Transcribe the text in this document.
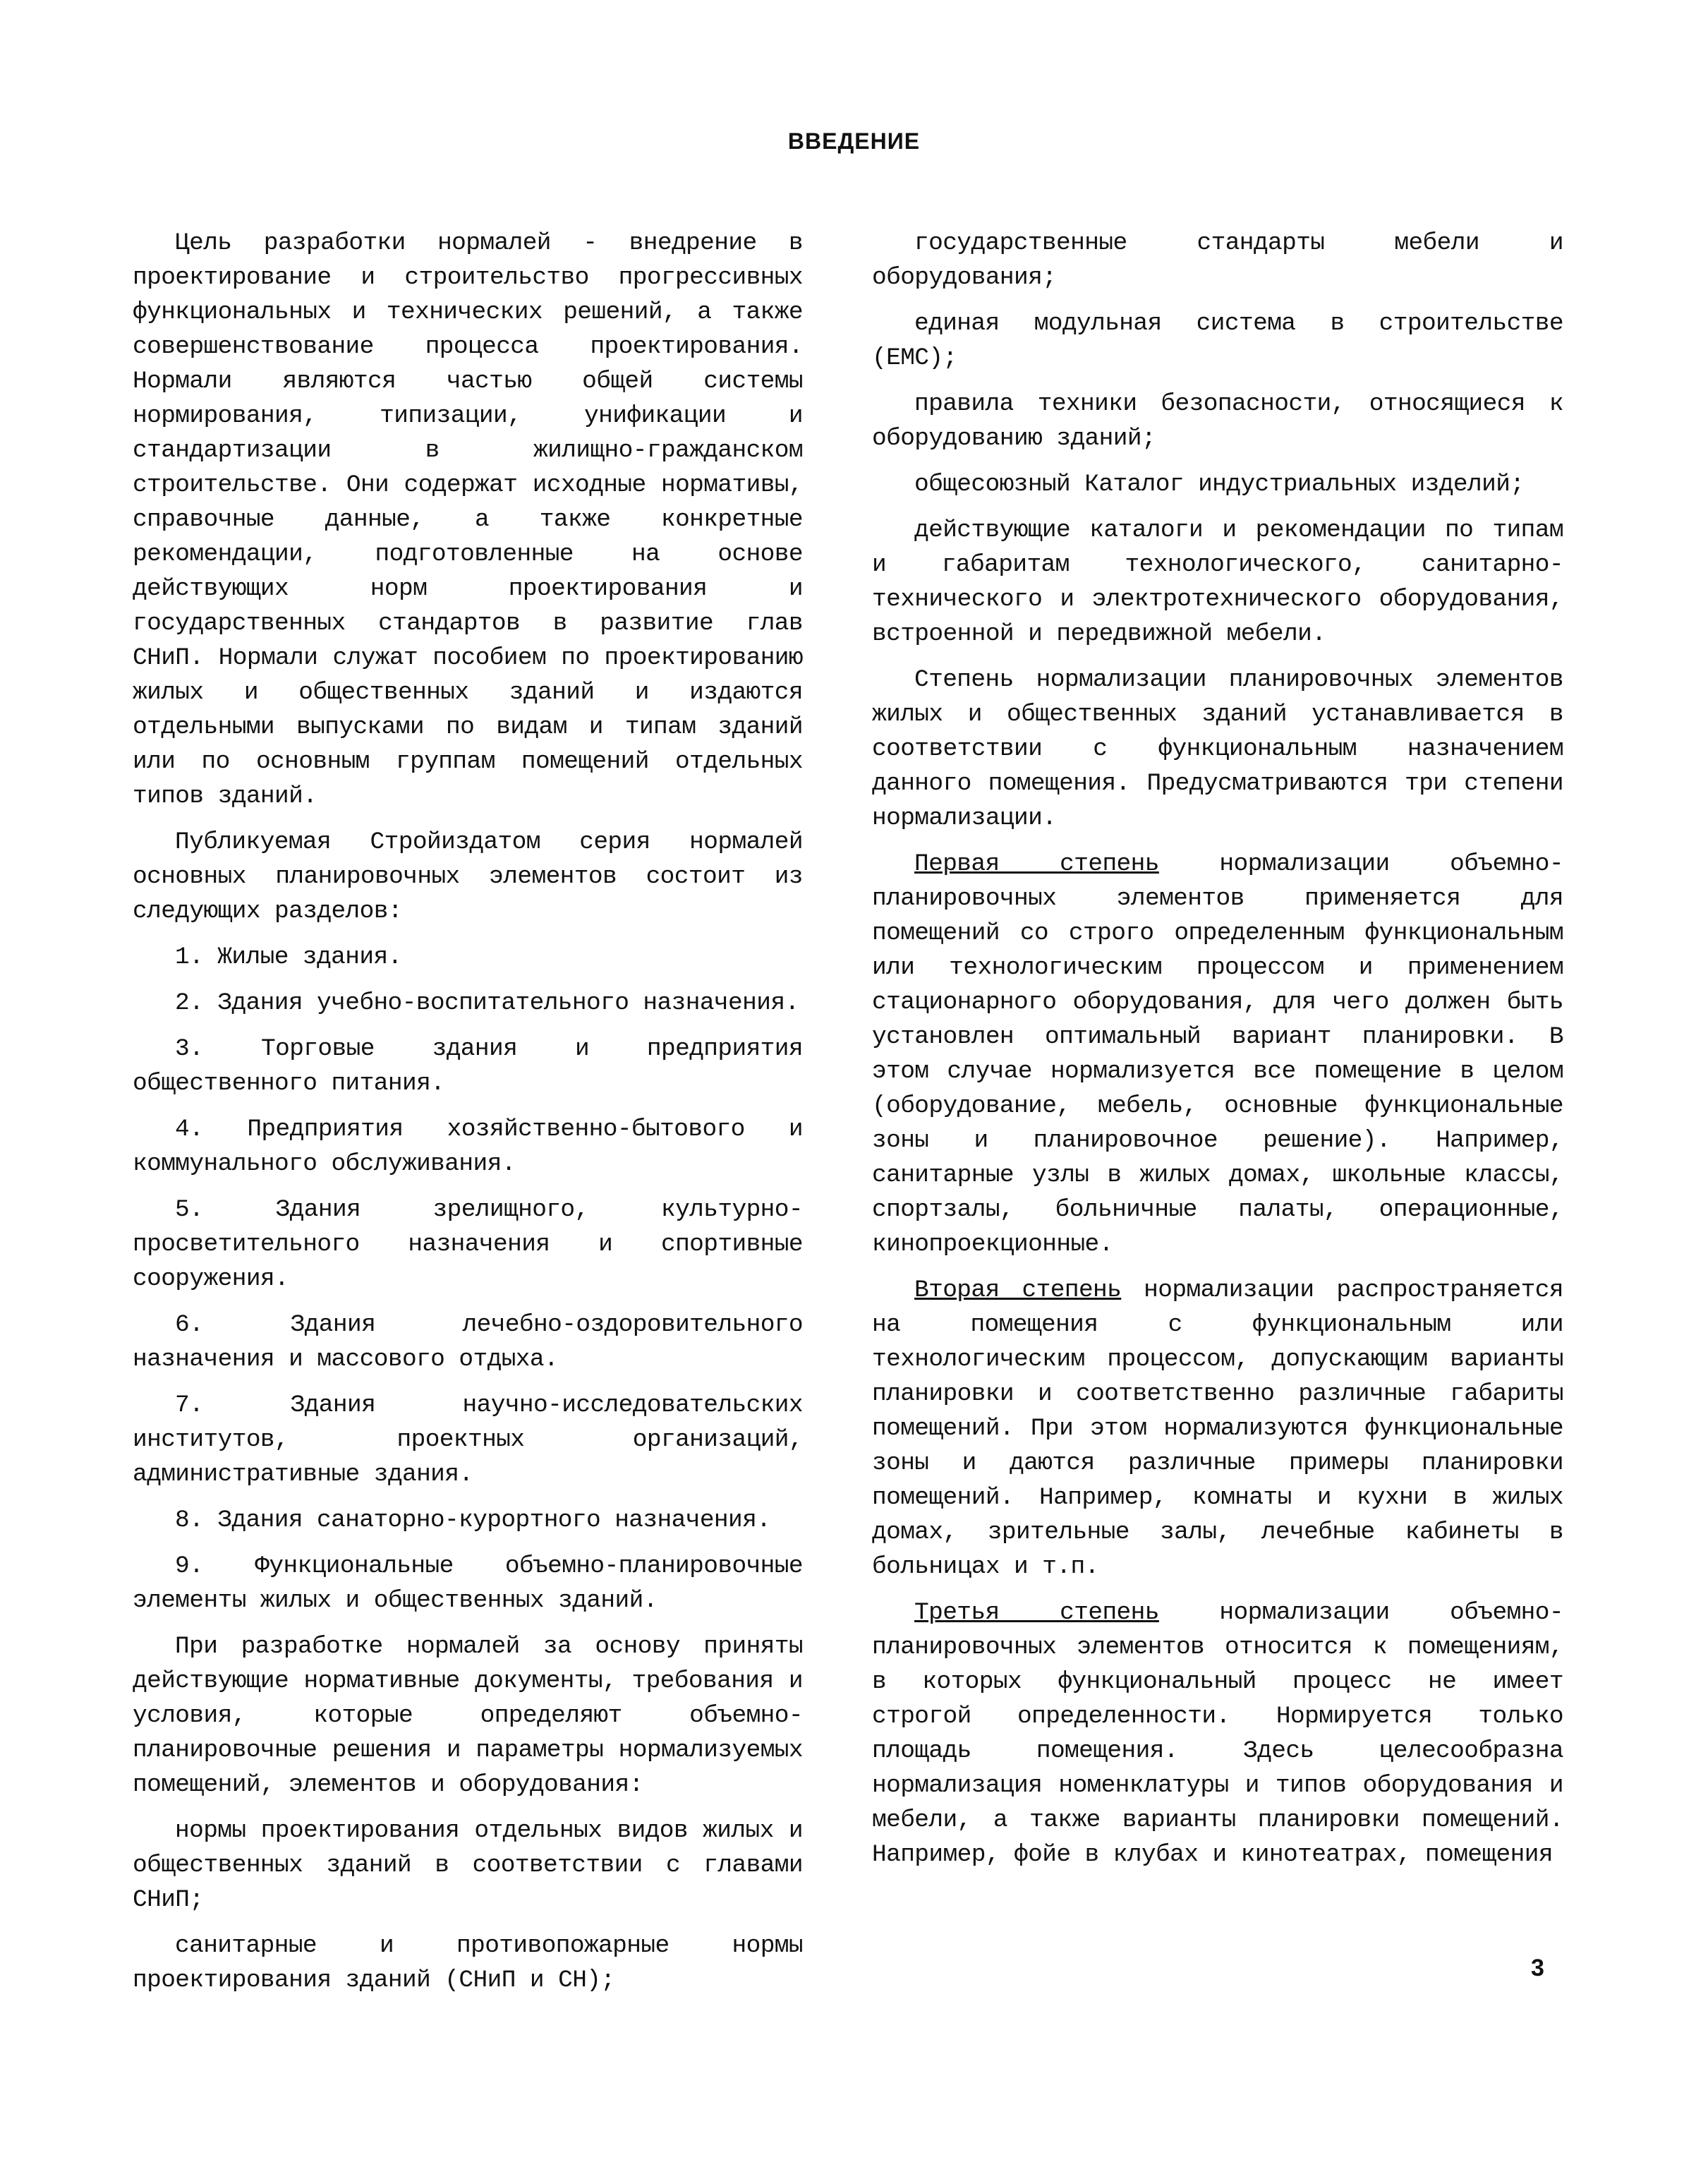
ВВЕДЕНИЕ

Цель разработки нормалей - внедрение в проектирование и строительство прогрессивных функциональных и технических решений, а также совершенствование процесса проектирования. Нормали являются частью общей системы нормирования, типизации, унификации и стандартизации в жилищно-гражданском строительстве. Они содержат исходные нормативы, справочные данные, а также конкретные рекомендации, подготовленные на основе действующих норм проектирования и государственных стандартов в развитие глав СНиП. Нормали служат пособием по проектированию жилых и общественных зданий и издаются отдельными выпусками по видам и типам зданий или по основным группам помещений отдельных типов зданий.

Публикуемая Стройиздатом серия нормалей основных планировочных элементов состоит из следующих разделов:

1. Жилые здания.

2. Здания учебно-воспитательного назначения.

3. Торговые здания и предприятия общественного питания.

4. Предприятия хозяйственно-бытового и коммунального обслуживания.

5. Здания зрелищного, культурно-просветительного назначения и спортивные сооружения.

6. Здания лечебно-оздоровительного назначения и массового отдыха.

7. Здания научно-исследовательских институтов, проектных организаций, административные здания.

8. Здания санаторно-курортного назначения.

9. Функциональные объемно-планировочные элементы жилых и общественных зданий.

При разработке нормалей за основу приняты действующие нормативные документы, требования и условия, которые определяют объемно-планировочные решения и параметры нормализуемых помещений, элементов и оборудования:

нормы проектирования отдельных видов жилых и общественных зданий в соответствии с главами СНиП;

санитарные и противопожарные нормы проектирования зданий (СНиП и СН);

государственные стандарты мебели и оборудования;

единая модульная система в строительстве (ЕМС);

правила техники безопасности, относящиеся к оборудованию зданий;

общесоюзный Каталог индустриальных изделий;

действующие каталоги и рекомендации по типам и габаритам технологического, санитарно-технического и электротехнического оборудования, встроенной и передвижной мебели.

Степень нормализации планировочных элементов жилых и общественных зданий устанавливается в соответствии с функциональным назначением данного помещения. Предусматриваются три степени нормализации.

Первая степень нормализации объемно-планировочных элементов применяется для помещений со строго определенным функциональным или технологическим процессом и применением стационарного оборудования, для чего должен быть установлен оптимальный вариант планировки. В этом случае нормализуется все помещение в целом (оборудование, мебель, основные функциональные зоны и планировочное решение). Например, санитарные узлы в жилых домах, школьные классы, спортзалы, больничные палаты, операционные, кинопроекционные.

Вторая степень нормализации распространяется на помещения с функциональным или технологическим процессом, допускающим варианты планировки и соответственно различные габариты помещений. При этом нормализуются функциональные зоны и даются различные примеры планировки помещений. Например, комнаты и кухни в жилых домах, зрительные залы, лечебные кабинеты в больницах и т.п.

Третья степень нормализации объемно-планировочных элементов относится к помещениям, в которых функциональный процесс не имеет строгой определенности. Нормируется только площадь помещения. Здесь целесообразна нормализация номенклатуры и типов оборудования и мебели, а также варианты планировки помещений. Например, фойе в клубах и кинотеатрах, помещения

3
